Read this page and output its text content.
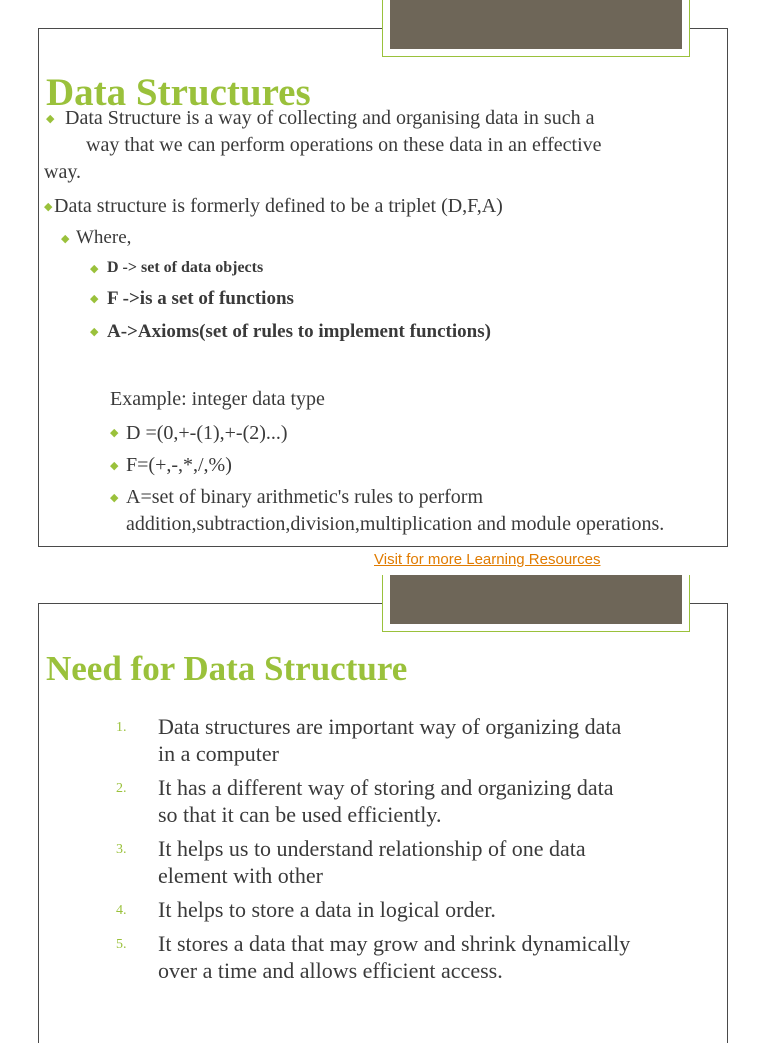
Data Structures
◆ Data Structure is a way of collecting and organising data in such a

way that we can perform operations on these data in an effective

way.

◆ Data structure is formerly defined to be a triplet (D,F,A)

◆ Where,

◆ D -> set of data objects

◆ F ->is a set of functions

◆ A->Axioms(set of rules to implement functions)

Example: integer data type

◆ D =(0,+-(1),+-(2)...)

◆ F=(+,-,*,/,%)

◆ A=set of binary arithmetic's rules to perform

addition,subtraction,division,multiplication and module operations.

Visit for more Learning Resources
Need for Data Structure
1. Data structures are important way of organizing data
in a computer

2. It has a different way of storing and organizing data
so that it can be used efficiently.

3. It helps us to understand relationship of one data
element with other

4. It helps to store a data in logical order.

5. It stores a data that may grow and shrink dynamically
over a time and allows efficient access.
